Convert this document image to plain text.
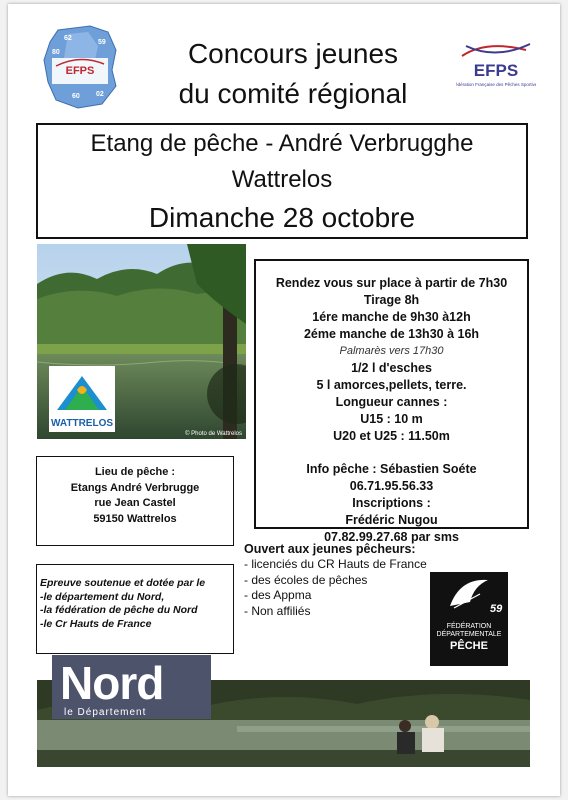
EFPS
59
80
60 02
62	Concours jeunes
du comité régional
EFPS
Fédération Française des Pêches Sportives
Etang de pêche - André Verbrugghe
Wattrelos
Dimanche 28 octobre
WATTRELOS
© Photo de Wattrelos
Rendez vous sur place à partir de 7h30
Tirage 8h
1ére manche de 9h30 à12h
2éme manche de 13h30 à 16h
Palmarès vers 17h30
1/2 l d'esches
5 l amorces,pellets, terre.
Longueur cannes :
U15 : 10 m
U20 et U25 : 11.50m
Info pêche : Sébastien Soéte
06.71.95.56.33
Inscriptions :
Frédéric Nugou
07.82.99.27.68 par sms
Lieu de pêche :
Etangs André Verbrugge
rue Jean Castel
59150 Wattrelos
Epreuve soutenue et dotée par le
-le département du Nord,
-la fédération de pêche du Nord
-le Cr Hauts de France
Ouvert aux jeunes pêcheurs:
- licenciés du CR Hauts de France
- des écoles de pêches
- des Appma
- Non affiliés	59
FÉDÉRATION
DÉPARTEMENTALE
PÊCHE
Nord
le Département
